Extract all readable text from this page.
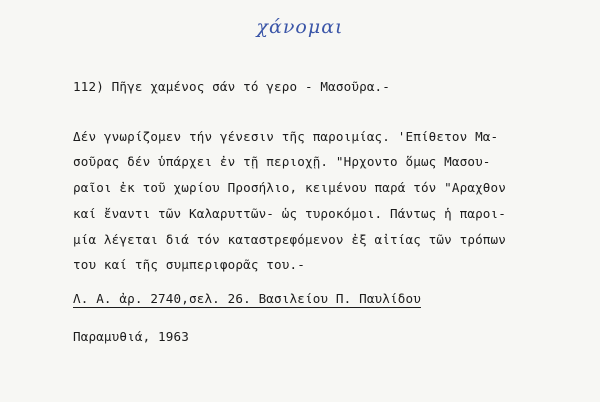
χάνομαι
112) Πῆγε χαμένος σάν τό γερο - Μασοῦρα.-
Δέν γνωρίζομεν τήν γένεσιν τῆς παροιμίας. 'Επίθετον Μα-
σοῦρας δέν ὑπάρχει ἐν τῇ περιοχῇ. "Ηρχοντο ὅμως Μασου-
ραῖοι ἐκ τοῦ χωρίου Προσήλιο, κειμένου παρά τόν "Αραχθον
καί ἔναντι τῶν Καλαρυττῶν- ὡς τυροκόμοι. Πάντως ἡ παροι-
μία λέγεται διά τόν καταστρεφόμενον ἐξ αἰτίας τῶν τρόπων
του καί τῆς συμπεριφορᾶς του.-
Λ. Α. ἀρ. 2740,σελ. 26. Βασιλείου Π. Παυλίδου
Παραμυθιά, 1963
